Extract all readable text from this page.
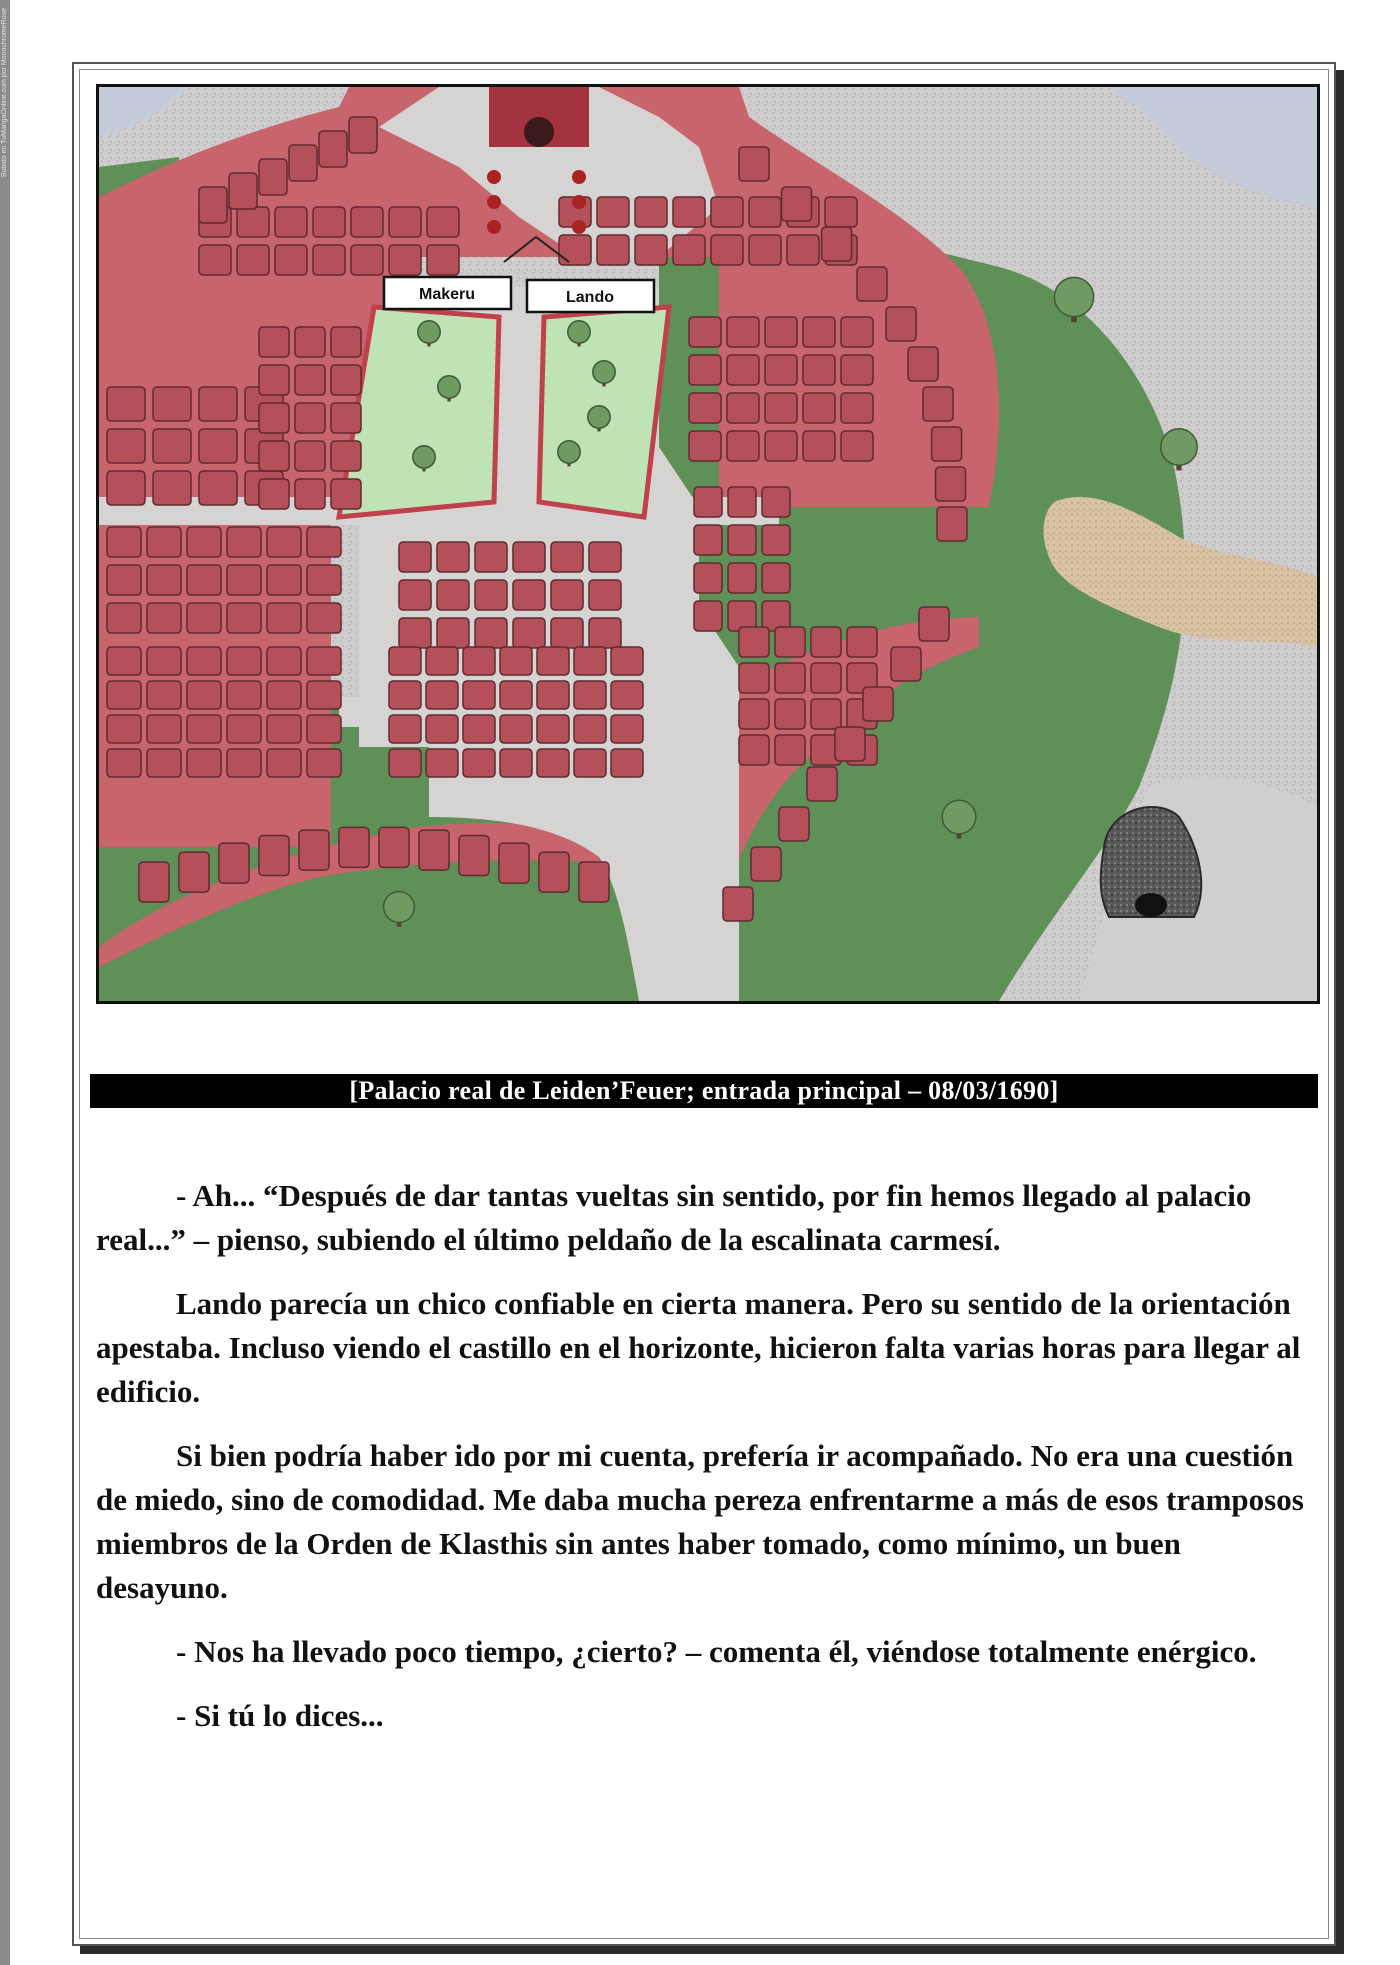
Subido en TuMangaOnline.com por MonochromeRose
Makeru	Lando
[Palacio real de Leiden’Feuer; entrada principal – 08/03/1690]

- Ah... “Después de dar tantas vueltas sin sentido, por fin hemos llegado al palacio real...” – pienso, subiendo el último peldaño de la escalinata carmesí.

Lando parecía un chico confiable en cierta manera. Pero su sentido de la orientación apestaba. Incluso viendo el castillo en el horizonte, hicieron falta varias horas para llegar al edificio.

Si bien podría haber ido por mi cuenta, prefería ir acompañado. No era una cuestión de miedo, sino de comodidad. Me daba mucha pereza enfrentarme a más de esos tramposos miembros de la Orden de Klasthis sin antes haber tomado, como mínimo, un buen desayuno.

- Nos ha llevado poco tiempo, ¿cierto? – comenta él, viéndose totalmente enérgico.

- Si tú lo dices...
